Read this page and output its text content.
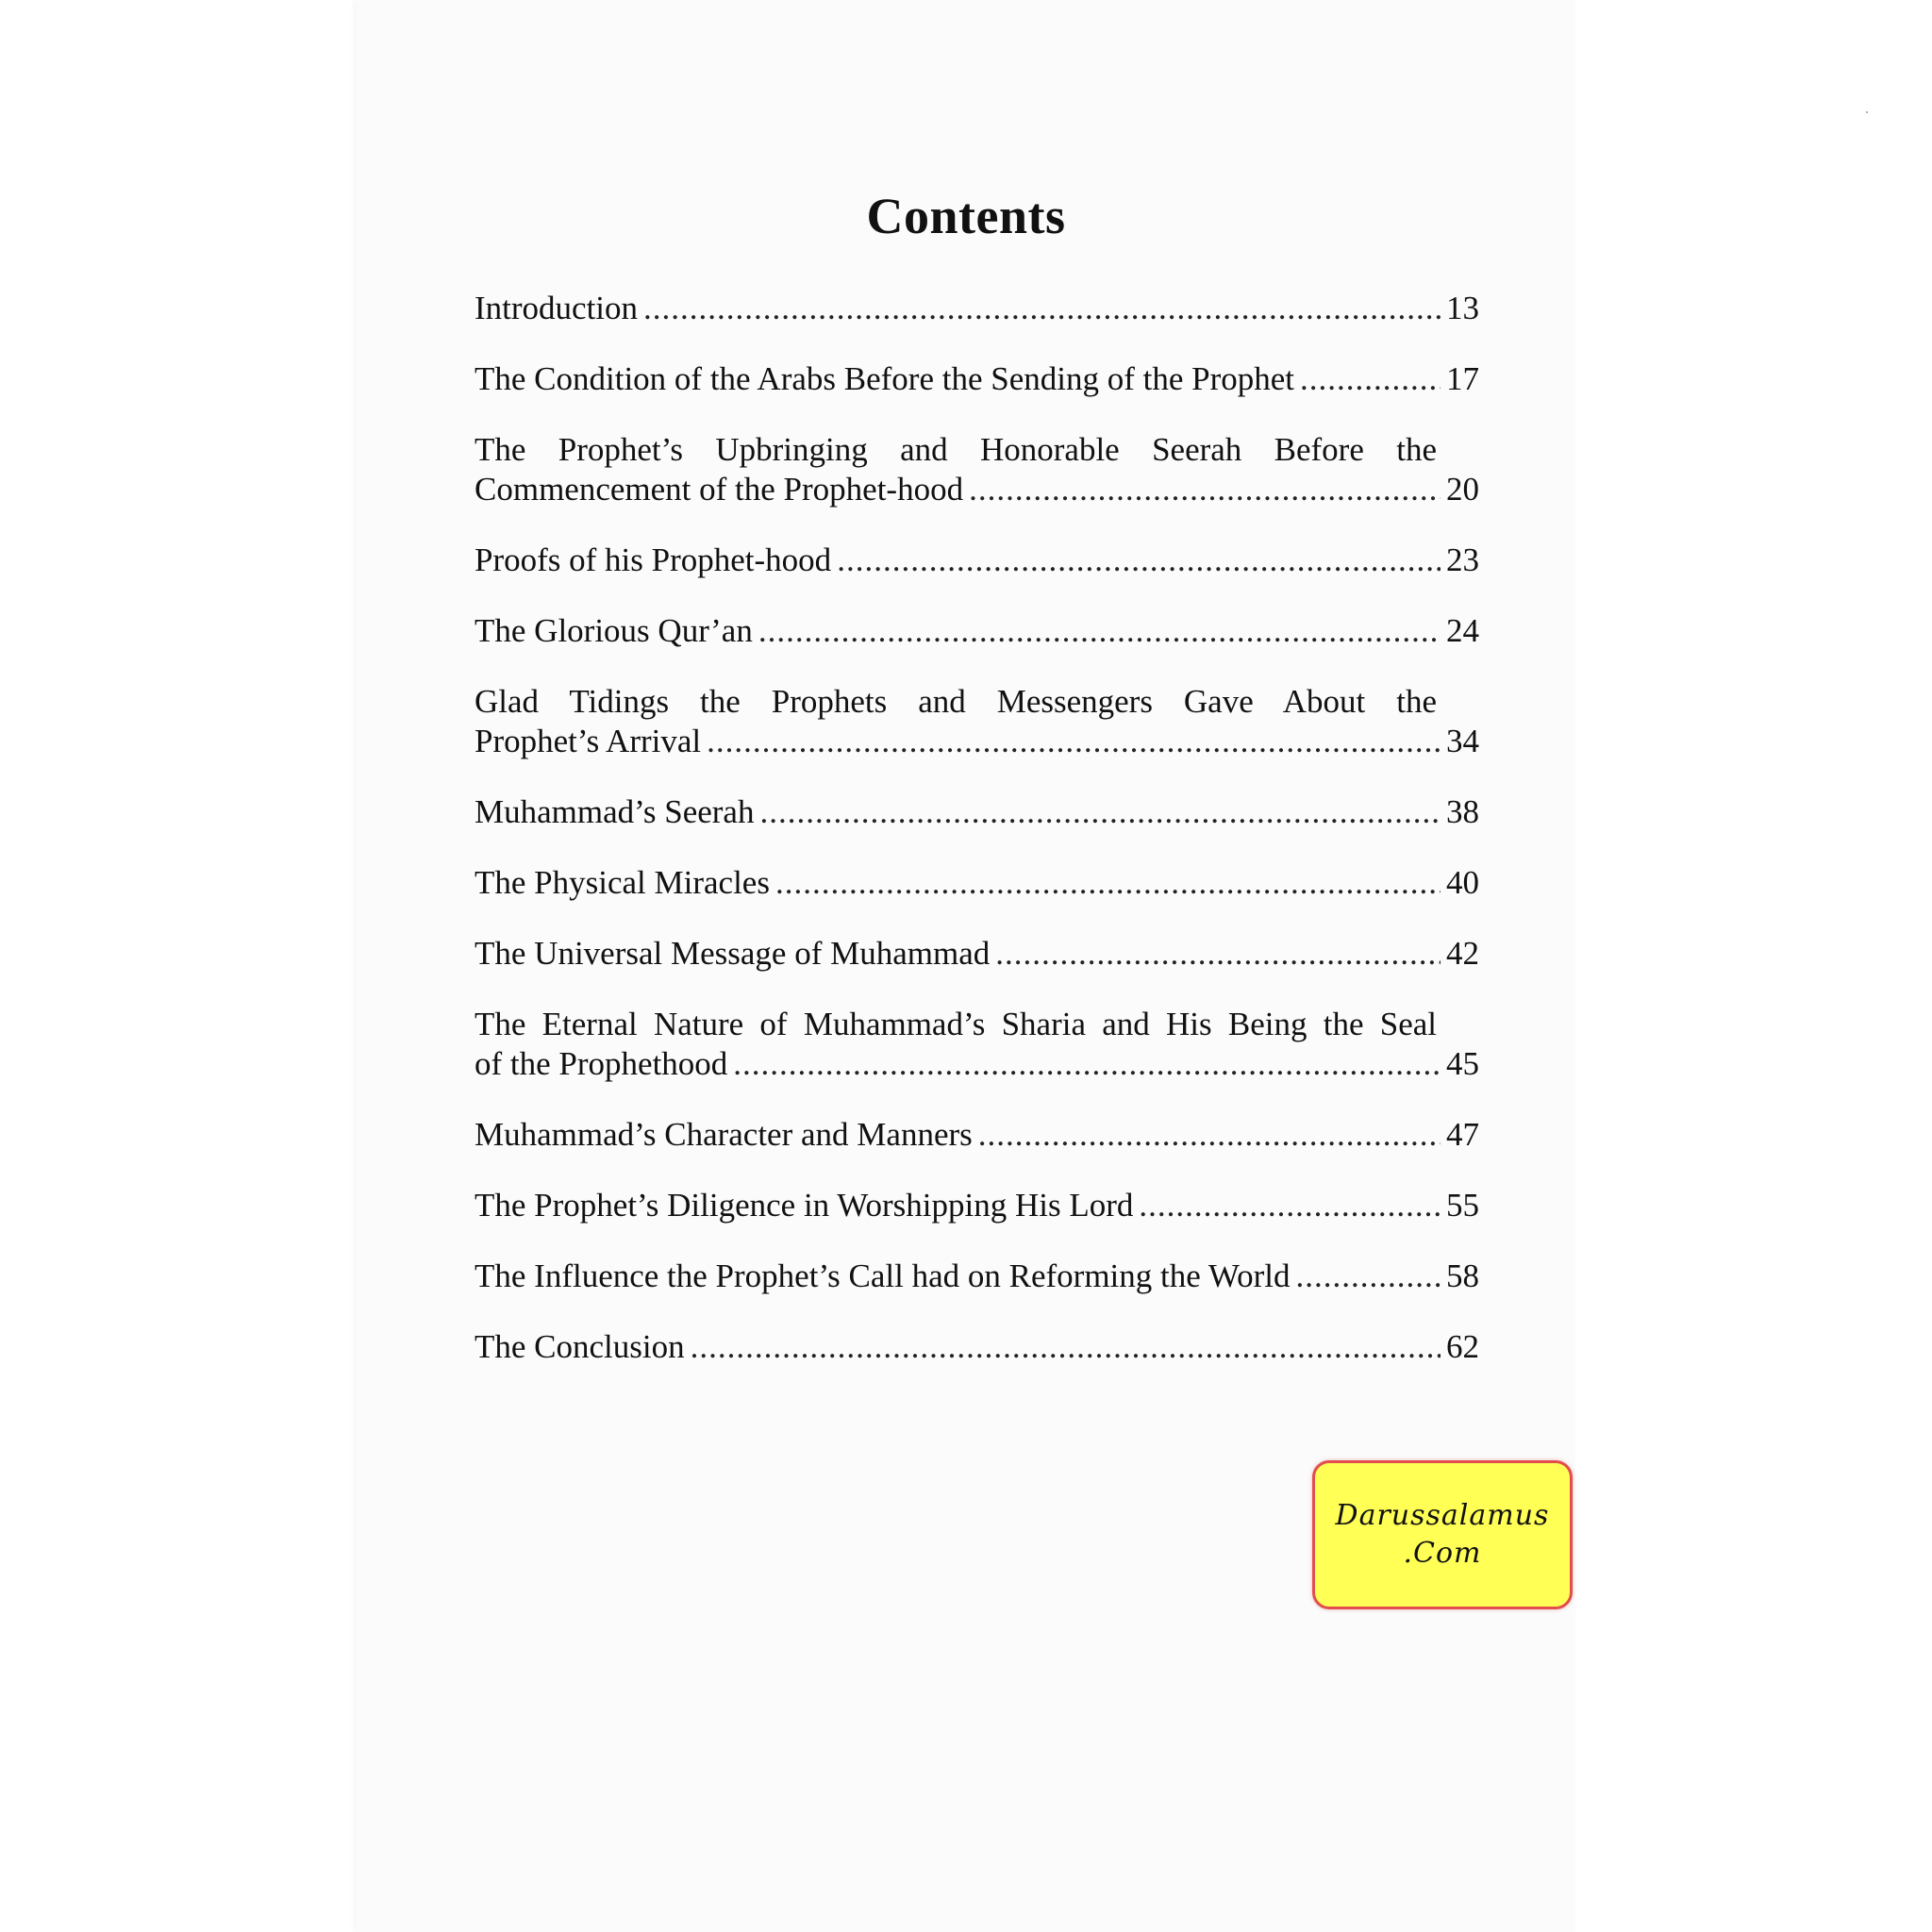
Contents
Introduction .....	13
The Condition of the Arabs Before the Sending of the Prophet .....	17
The Prophet’s Upbringing and Honorable Seerah Before the
Commencement of the Prophet-hood .....	20
Proofs of his Prophet-hood .....	23
The Glorious Qur’an .....	24
Glad Tidings the Prophets and Messengers Gave About the
Prophet’s Arrival .....	34
Muhammad’s Seerah .....	38
The Physical Miracles .....	40
The Universal Message of Muhammad .....	42
The Eternal Nature of Muhammad’s Sharia and His Being the Seal
of the Prophethood .....	45
Muhammad’s Character and Manners .....	47
The Prophet’s Diligence in Worshipping His Lord .....	55
The Influence the Prophet’s Call had on Reforming the World .....	58
The Conclusion .....	62
Darussalamus
.Com
